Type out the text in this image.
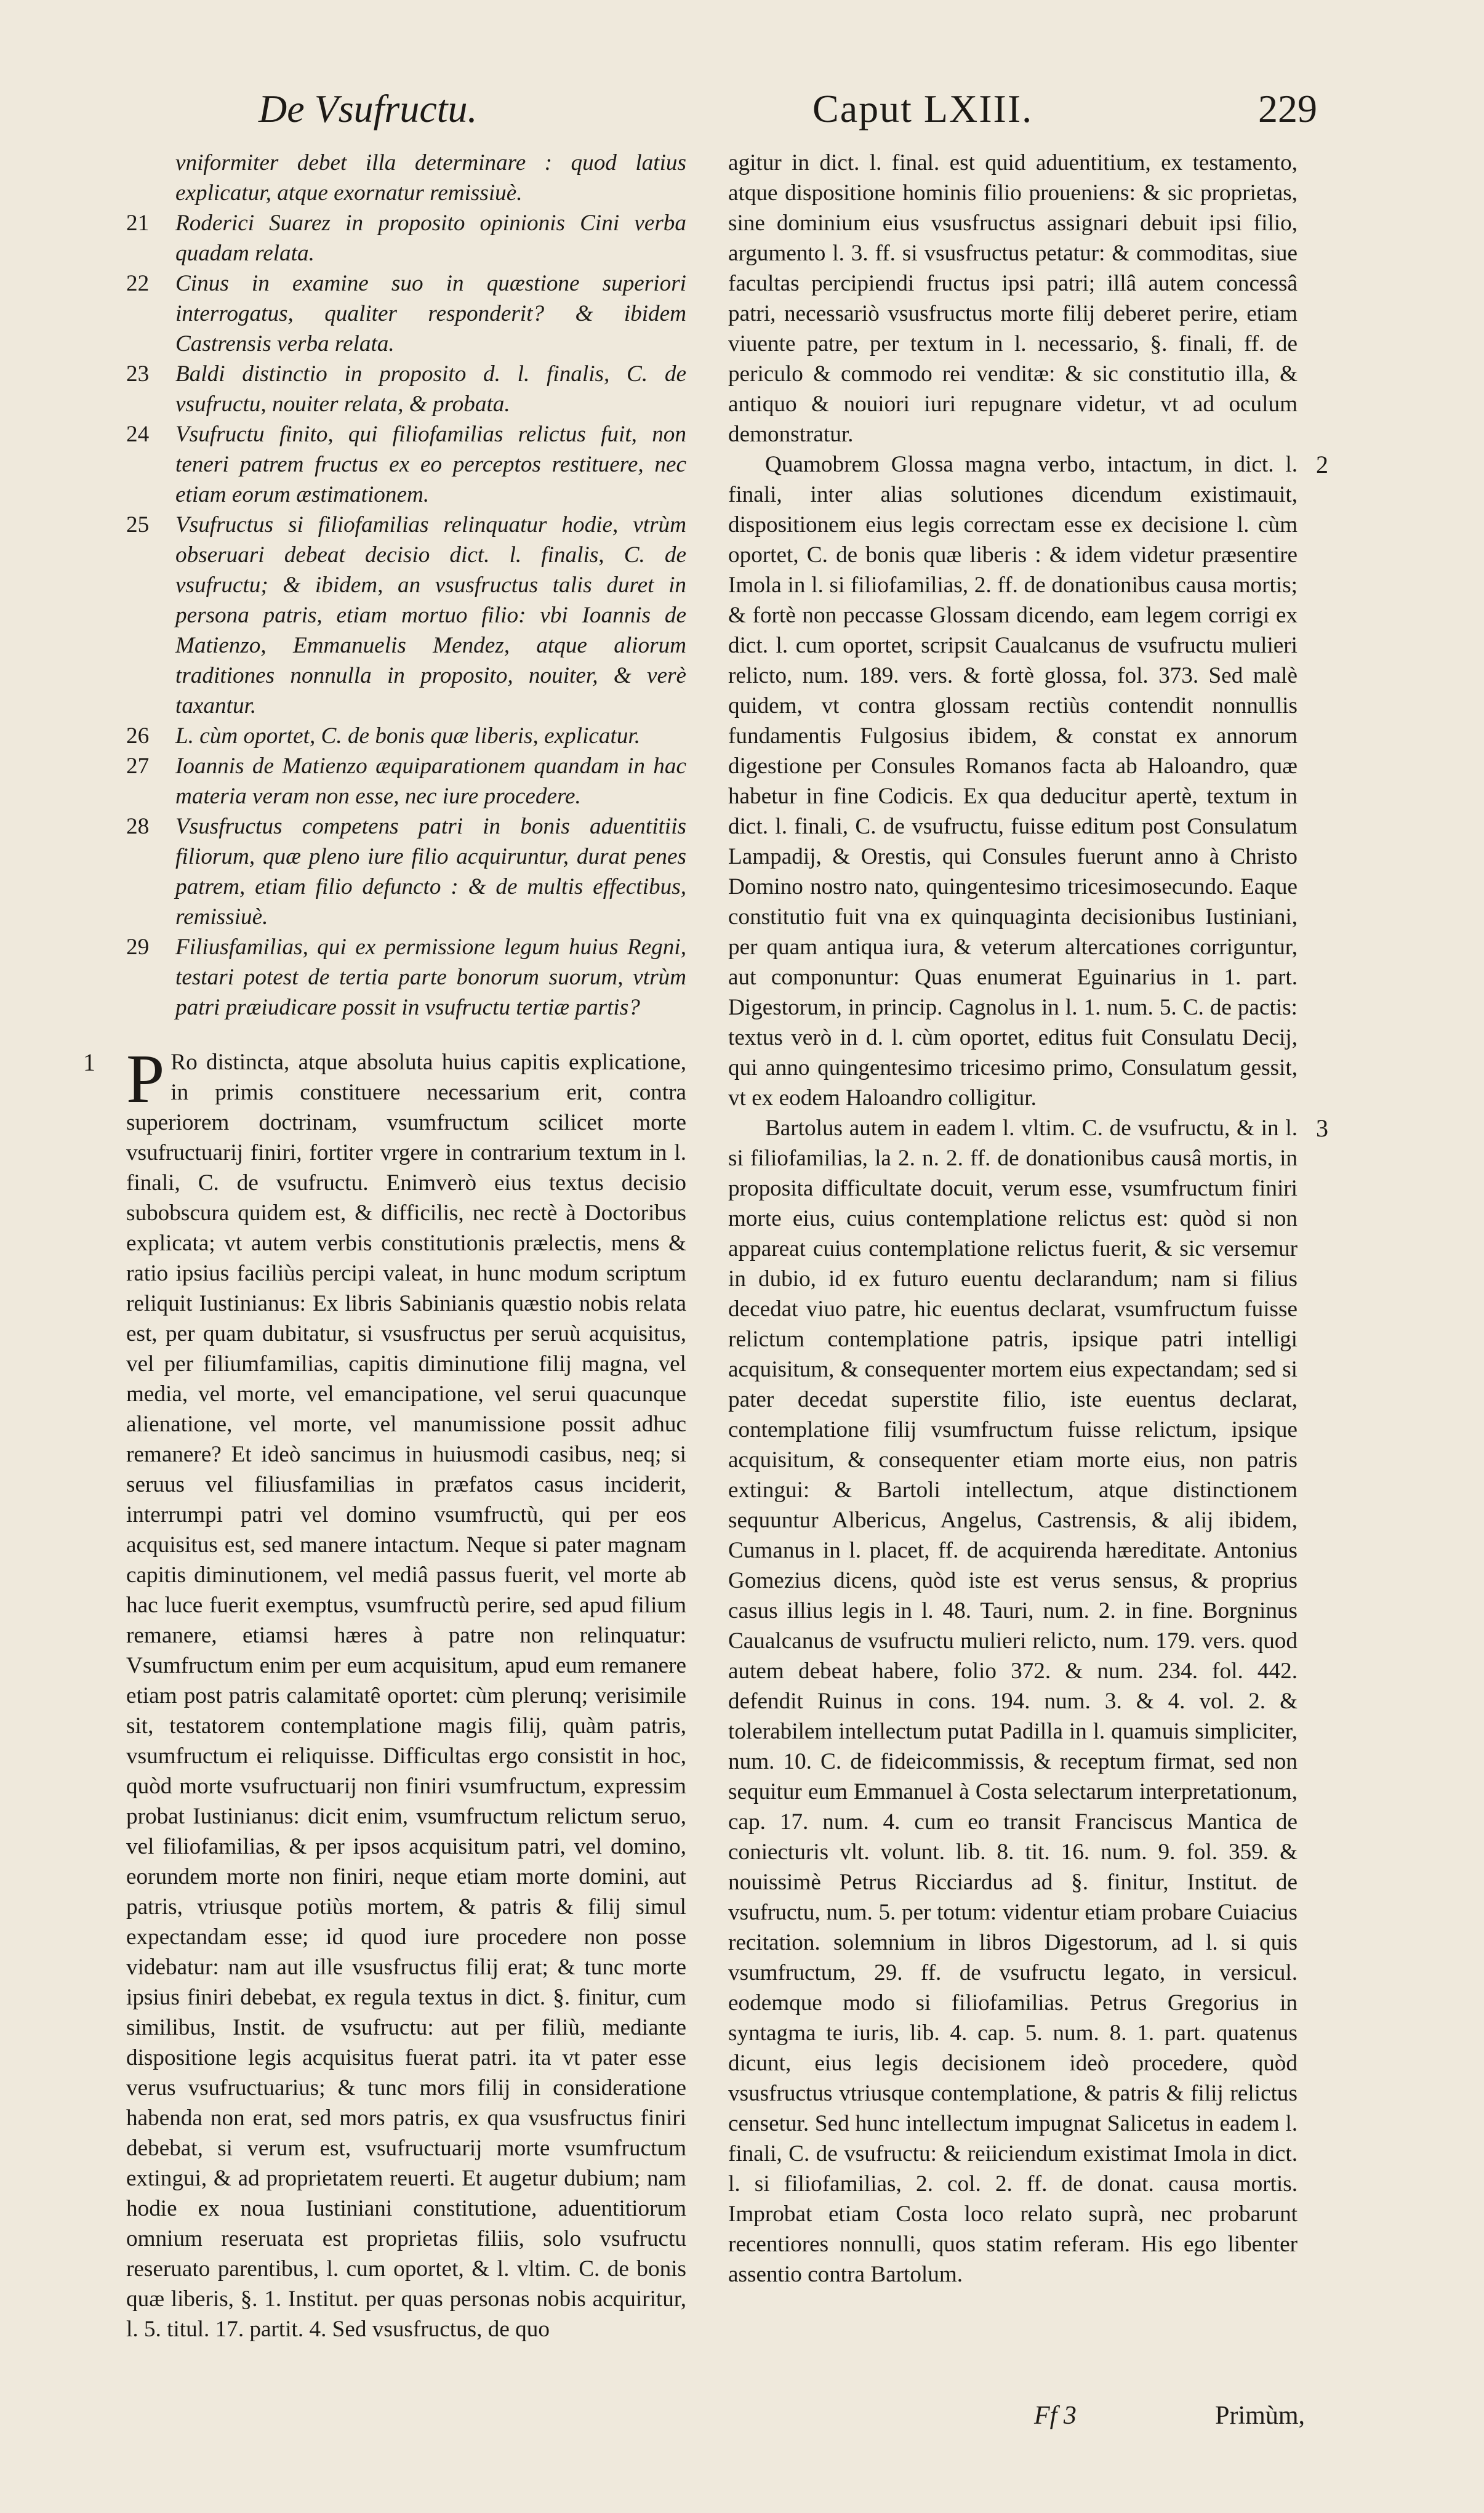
De Vsufructu.	Caput LXIII.	229
vniformiter debet illa determinare : quod latius explicatur, atque exornatur remissiuè.
21 Roderici Suarez in proposito opinionis Cini verba quadam relata.
22 Cinus in examine suo in quæstione superiori interrogatus, qualiter responderit? & ibidem Castrensis verba relata.
23 Baldi distinctio in proposito d. l. finalis, C. de vsufructu, nouiter relata, & probata.
24 Vsufructu finito, qui filiofamilias relictus fuit, non teneri patrem fructus ex eo perceptos restituere, nec etiam eorum æstimationem.
25 Vsufructus si filiofamilias relinquatur hodie, vtrùm obseruari debeat decisio dict. l. finalis, C. de vsufructu; & ibidem, an vsusfructus talis duret in persona patris, etiam mortuo filio: vbi Ioannis de Matienzo, Emmanuelis Mendez, atque aliorum traditiones nonnulla in proposito, nouiter, & verè taxantur.
26 L. cùm oportet, C. de bonis quæ liberis, explicatur.
27 Ioannis de Matienzo æquiparationem quandam in hac materia veram non esse, nec iure procedere.
28 Vsusfructus competens patri in bonis aduentitiis filiorum, quæ pleno iure filio acquiruntur, durat penes patrem, etiam filio defuncto : & de multis effectibus, remissiuè.
29 Filiusfamilias, qui ex permissione legum huius Regni, testari potest de tertia parte bonorum suorum, vtrùm patri præiudicare possit in vsufructu tertiæ partis?

1 P Ro distincta, atque absoluta huius capitis explicatione, in primis constituere necessarium erit, contra superiorem doctrinam, vsumfructum scilicet morte vsufructuarij finiri, fortiter vrgere in contrarium textum in l. finali, C. de vsufructu. Enimverò eius textus decisio subobscura quidem est, & difficilis, nec rectè à Doctoribus explicata; vt autem verbis constitutionis prælectis, mens & ratio ipsius faciliùs percipi valeat, in hunc modum scriptum reliquit Iustinianus: Ex libris Sabinianis quæstio nobis relata est, per quam dubitatur, si vsusfructus per seruù acquisitus, vel per filiumfamilias, capitis diminutione filij magna, vel media, vel morte, vel emancipatione, vel serui quacunque alienatione, vel morte, vel manumissione possit adhuc remanere? Et ideò sancimus in huiusmodi casibus, neq; si seruus vel filiusfamilias in præfatos casus inciderit, interrumpi patri vel domino vsumfructù, qui per eos acquisitus est, sed manere intactum. Neque si pater magnam capitis diminutionem, vel mediâ passus fuerit, vel morte ab hac luce fuerit exemptus, vsumfructù perire, sed apud filium remanere, etiamsi hæres à patre non relinquatur: Vsumfructum enim per eum acquisitum, apud eum remanere etiam post patris calamitatê oportet: cùm plerunq; verisimile sit, testatorem contemplatione magis filij, quàm patris, vsumfructum ei reliquisse. Difficultas ergo consistit in hoc, quòd morte vsufructuarij non finiri vsumfructum, expressim probat Iustinianus: dicit enim, vsumfructum relictum seruo, vel filiofamilias, & per ipsos acquisitum patri, vel domino, eorundem morte non finiri, neque etiam morte domini, aut patris, vtriusque potiùs mortem, & patris & filij simul expectandam esse; id quod iure procedere non posse videbatur: nam aut ille vsusfructus filij erat; & tunc morte ipsius finiri debebat, ex regula textus in dict. §. finitur, cum similibus, Instit. de vsufructu: aut per filiù, mediante dispositione legis acquisitus fuerat patri. ita vt pater esse verus vsufructuarius; & tunc mors filij in consideratione habenda non erat, sed mors patris, ex qua vsusfructus finiri debebat, si verum est, vsufructuarij morte vsumfructum extingui, & ad proprietatem reuerti. Et augetur dubium; nam hodie ex noua Iustiniani constitutione, aduentitiorum omnium reseruata est proprietas filiis, solo vsufructu reseruato parentibus, l. cum oportet, & l. vltim. C. de bonis quæ liberis, §. 1. Institut. per quas personas nobis acquiritur, l. 5. titul. 17. partit. 4. Sed vsusfructus, de quo

agitur in dict. l. final. est quid aduentitium, ex testamento, atque dispositione hominis filio proueniens: & sic proprietas, sine dominium eius vsusfructus assignari debuit ipsi filio, argumento l. 3. ff. si vsusfructus petatur: & commoditas, siue facultas percipiendi fructus ipsi patri; illâ autem concessâ patri, necessariò vsusfructus morte filij deberet perire, etiam viuente patre, per textum in l. necessario, §. finali, ff. de periculo & commodo rei venditæ: & sic constitutio illa, & antiquo & nouiori iuri repugnare videtur, vt ad oculum demonstratur.

2
Quamobrem Glossa magna verbo, intactum, in dict. l. finali, inter alias solutiones dicendum existimauit, dispositionem eius legis correctam esse ex decisione l. cùm oportet, C. de bonis quæ liberis : & idem videtur præsentire Imola in l. si filiofamilias, 2. ff. de donationibus causa mortis; & fortè non peccasse Glossam dicendo, eam legem corrigi ex dict. l. cum oportet, scripsit Caualcanus de vsufructu mulieri relicto, num. 189. vers. & fortè glossa, fol. 373. Sed malè quidem, vt contra glossam rectiùs contendit nonnullis fundamentis Fulgosius ibidem, & constat ex annorum digestione per Consules Romanos facta ab Haloandro, quæ habetur in fine Codicis. Ex qua deducitur apertè, textum in dict. l. finali, C. de vsufructu, fuisse editum post Consulatum Lampadij, & Orestis, qui Consules fuerunt anno à Christo Domino nostro nato, quingentesimo tricesimosecundo. Eaque constitutio fuit vna ex quinquaginta decisionibus Iustiniani, per quam antiqua iura, & veterum altercationes corriguntur, aut componuntur: Quas enumerat Eguinarius in 1. part. Digestorum, in princip. Cagnolus in l. 1. num. 5. C. de pactis: textus verò in d. l. cùm oportet, editus fuit Consulatu Decij, qui anno quingentesimo tricesimo primo, Consulatum gessit, vt ex eodem Haloandro colligitur.

3
Bartolus autem in eadem l. vltim. C. de vsufructu, & in l. si filiofamilias, la 2. n. 2. ff. de donationibus causâ mortis, in proposita difficultate docuit, verum esse, vsumfructum finiri morte eius, cuius contemplatione relictus est: quòd si non appareat cuius contemplatione relictus fuerit, & sic versemur in dubio, id ex futuro euentu declarandum; nam si filius decedat viuo patre, hic euentus declarat, vsumfructum fuisse relictum contemplatione patris, ipsique patri intelligi acquisitum, & consequenter mortem eius expectandam; sed si pater decedat superstite filio, iste euentus declarat, contemplatione filij vsumfructum fuisse relictum, ipsique acquisitum, & consequenter etiam morte eius, non patris extingui: & Bartoli intellectum, atque distinctionem sequuntur Albericus, Angelus, Castrensis, & alij ibidem, Cumanus in l. placet, ff. de acquirenda hæreditate. Antonius Gomezius dicens, quòd iste est verus sensus, & proprius casus illius legis in l. 48. Tauri, num. 2. in fine. Borgninus Caualcanus de vsufructu mulieri relicto, num. 179. vers. quod autem debeat habere, folio 372. & num. 234. fol. 442. defendit Ruinus in cons. 194. num. 3. & 4. vol. 2. & tolerabilem intellectum putat Padilla in l. quamuis simpliciter, num. 10. C. de fideicommissis, & receptum firmat, sed non sequitur eum Emmanuel à Costa selectarum interpretationum, cap. 17. num. 4. cum eo transit Franciscus Mantica de coniecturis vlt. volunt. lib. 8. tit. 16. num. 9. fol. 359. & nouissimè Petrus Ricciardus ad §. finitur, Institut. de vsufructu, num. 5. per totum: videntur etiam probare Cuiacius recitation. solemnium in libros Digestorum, ad l. si quis vsumfructum, 29. ff. de vsufructu legato, in versicul. eodemque modo si filiofamilias. Petrus Gregorius in syntagma te iuris, lib. 4. cap. 5. num. 8. 1. part. quatenus dicunt, eius legis decisionem ideò procedere, quòd vsusfructus vtriusque contemplatione, & patris & filij relictus censetur. Sed hunc intellectum impugnat Salicetus in eadem l. finali, C. de vsufructu: & reiiciendum existimat Imola in dict. l. si filiofamilias, 2. col. 2. ff. de donat. causa mortis. Improbat etiam Costa loco relato suprà, nec probarunt recentiores nonnulli, quos statim referam. His ego libenter assentio contra Bartolum.

Ff 3	Primùm,
